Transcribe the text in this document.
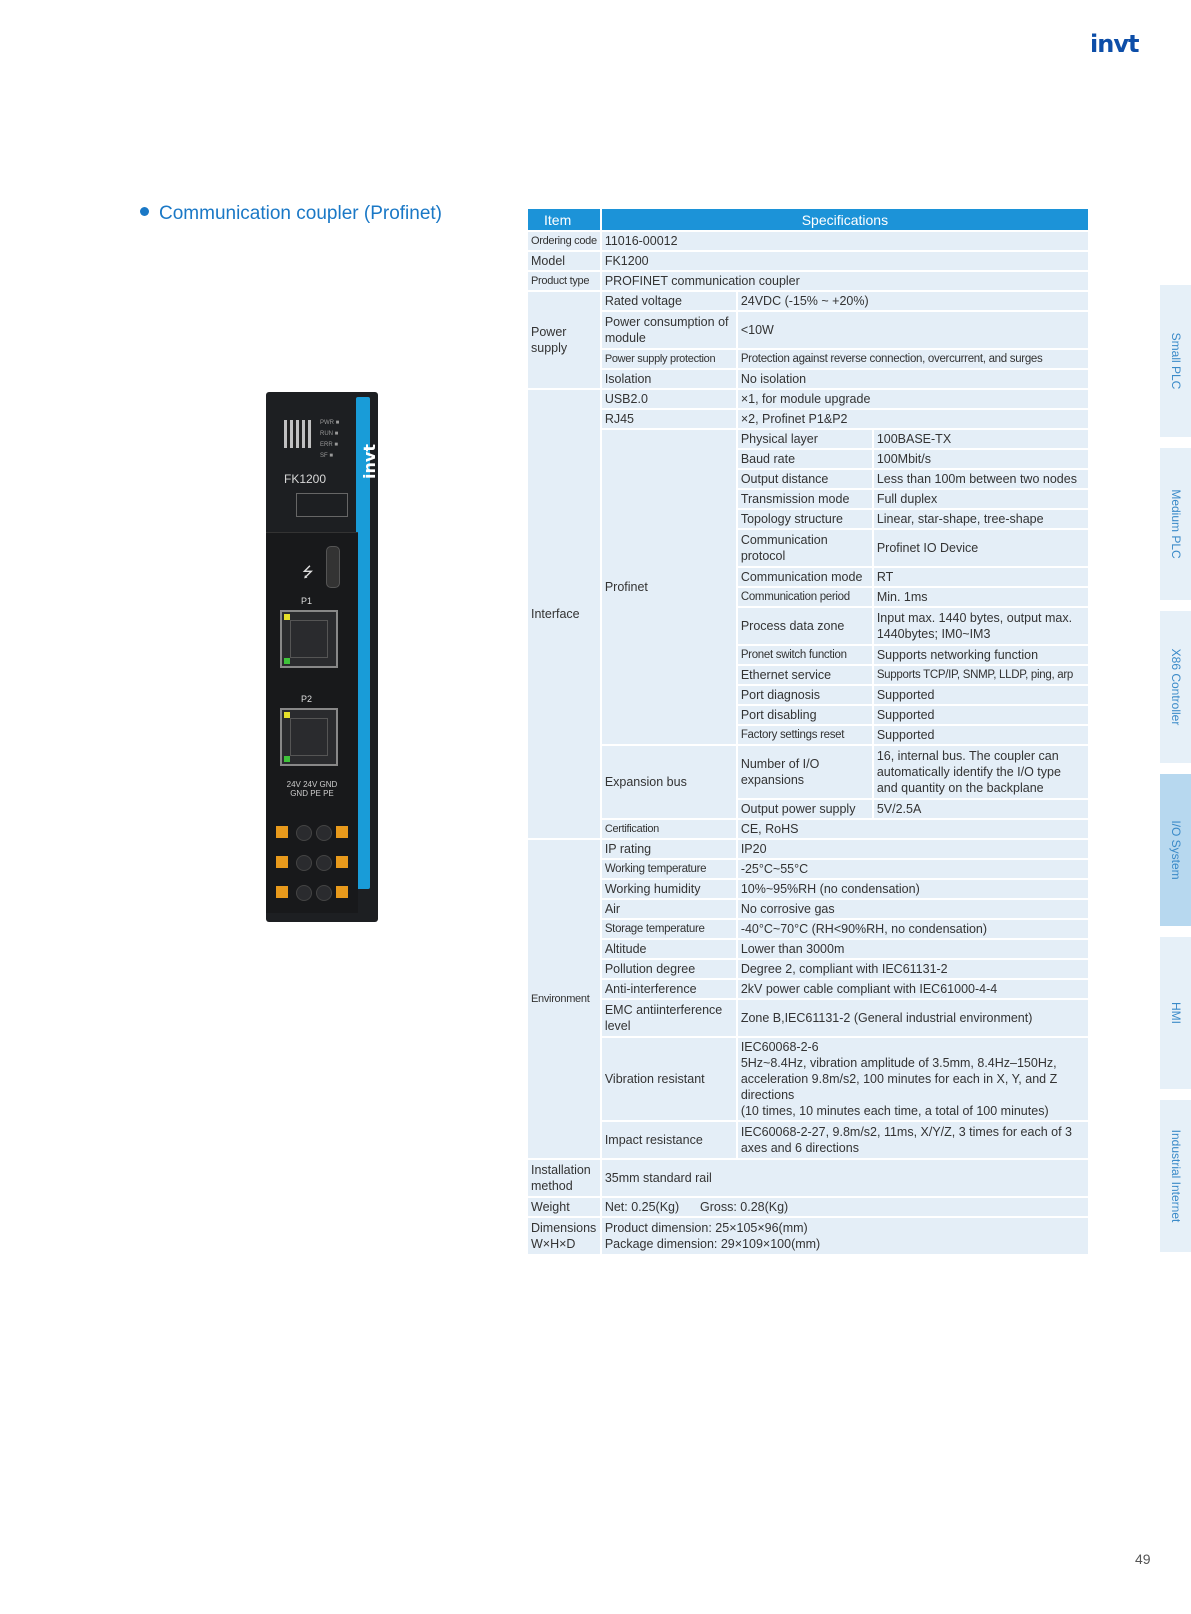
invt
Communication coupler (Profinet)
PWR ■
RUN ■
ERR ■
SF ■	invt
FK1200
⭍
P1
P2
24V 24V GND GND PE PE
Item	Specifications		
Ordering code	11016-00012		
Model	FK1200		
Product type	PROFINET communication coupler		
Power supply	Rated voltage	24VDC (-15% ~ +20%)	
	Power consumption of module	<10W	
	Power supply protection	Protection against reverse connection, overcurrent, and surges	
	Isolation	No isolation	
Interface	USB2.0	×1, for module upgrade	
	RJ45	×2, Profinet P1&P2	
	Profinet	Physical layer	100BASE-TX
		Baud rate	100Mbit/s
		Output distance	Less than 100m between two nodes
		Transmission mode	Full duplex
		Topology structure	Linear, star-shape, tree-shape
		Communication protocol	Profinet IO Device
		Communication mode	RT
		Communication period	Min. 1ms
		Process data zone	Input max. 1440 bytes, output max. 1440bytes; IM0~IM3
		Pronet switch function	Supports networking function
		Ethernet service	Supports TCP/IP, SNMP, LLDP, ping, arp
		Port diagnosis	Supported
		Port disabling	Supported
		Factory settings reset	Supported
	Expansion bus	Number of I/O expansions	16, internal bus. The coupler can automatically identify the I/O type and quantity on the backplane
		Output power supply	5V/2.5A
	Certification	CE, RoHS	
Environment	IP rating	IP20	
	Working temperature	-25°C~55°C	
	Working humidity	10%~95%RH (no condensation)	
	Air	No corrosive gas	
	Storage temperature	-40°C~70°C (RH<90%RH, no condensation)	
	Altitude	Lower than 3000m	
	Pollution degree	Degree 2, compliant with IEC61131-2	
	Anti-interference	2kV power cable compliant with IEC61000-4-4	
	EMC antiinterference level	Zone B,IEC61131-2 (General industrial environment)	
	Vibration resistant	IEC60068-2-6
5Hz~8.4Hz, vibration amplitude of 3.5mm, 8.4Hz–150Hz, acceleration 9.8m/s2, 100 minutes for each in X, Y, and Z directions
(10 times, 10 minutes each time, a total of 100 minutes)	

	Impact resistance	IEC60068-2-27, 9.8m/s2, 11ms, X/Y/Z, 3 times for each of 3 axes and 6 directions	
Installation method	35mm standard rail		
Weight	Net: 0.25(Kg)      Gross: 0.28(Kg)		
Dimensions W×H×D	Product dimension: 25×105×96(mm)
Package dimension: 29×109×100(mm)		
Small PLC
Medium PLC
X86 Controller
I/O System
HMI
Industrial Internet
49
